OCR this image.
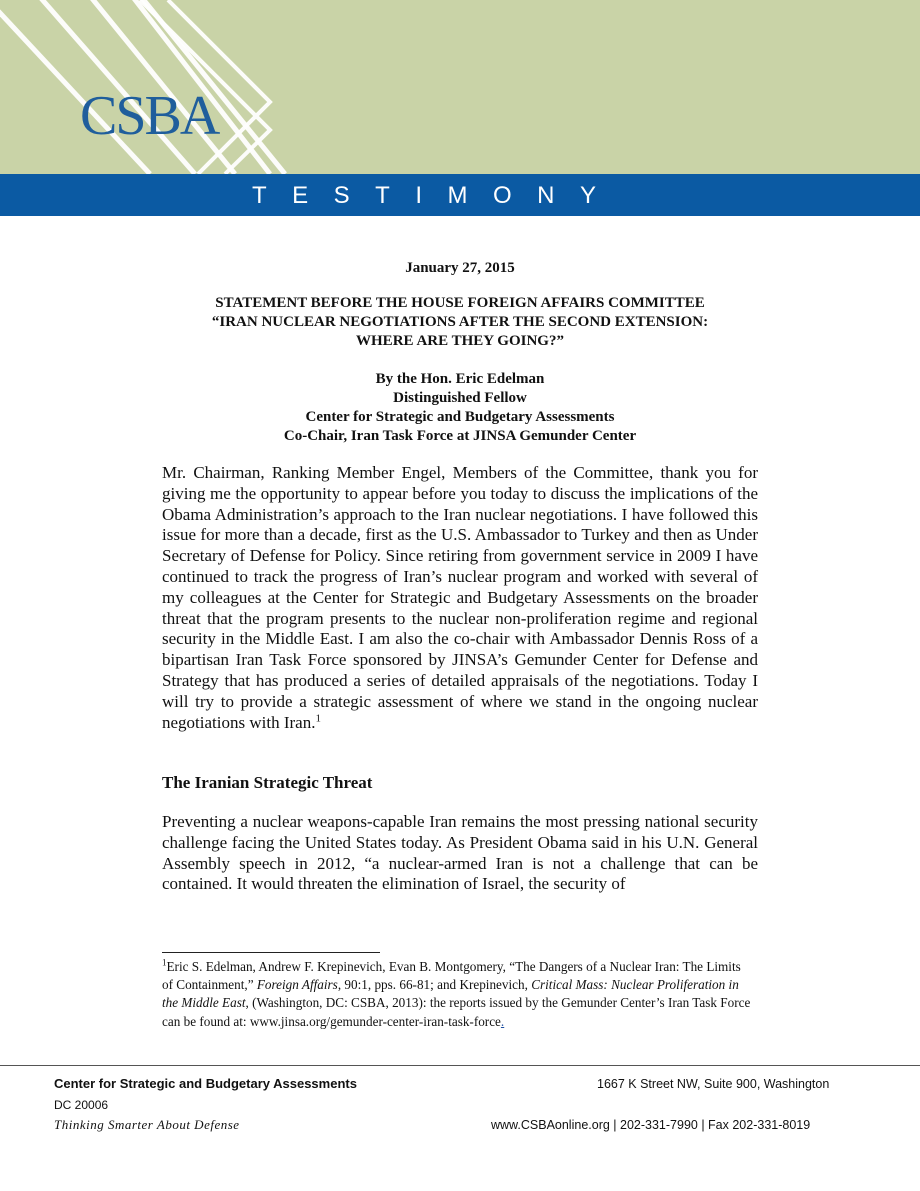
CSBA
TESTIMONY
January 27, 2015
STATEMENT BEFORE THE HOUSE FOREIGN AFFAIRS COMMITTEE
“IRAN NUCLEAR NEGOTIATIONS AFTER THE SECOND EXTENSION:
WHERE ARE THEY GOING?”
By the Hon. Eric Edelman
Distinguished Fellow
Center for Strategic and Budgetary Assessments
Co-Chair, Iran Task Force at JINSA Gemunder Center

Mr. Chairman, Ranking Member Engel, Members of the Committee, thank you for giving me the opportunity to appear before you today to discuss the implications of the Obama Administration’s approach to the Iran nuclear negotiations. I have followed this issue for more than a decade, first as the U.S. Ambassador to Turkey and then as Under Secretary of Defense for Policy. Since retiring from government service in 2009 I have continued to track the progress of Iran’s nuclear program and worked with several of my colleagues at the Center for Strategic and Budgetary Assessments on the broader threat that the program presents to the nuclear non-proliferation regime and regional security in the Middle East. I am also the co-chair with Ambassador Dennis Ross of a bipartisan Iran Task Force sponsored by JINSA’s Gemunder Center for Defense and Strategy that has produced a series of detailed appraisals of the negotiations. Today I will try to provide a strategic assessment of where we stand in the ongoing nuclear negotiations with Iran.$^1$

The Iranian Strategic Threat

Preventing a nuclear weapons-capable Iran remains the most pressing national security challenge facing the United States today. As President Obama said in his U.N. General Assembly speech in 2012, “a nuclear-armed Iran is not a challenge that can be contained. It would threaten the elimination of Israel, the security of

$^1$Eric S. Edelman, Andrew F. Krepinevich, Evan B. Montgomery, “The Dangers of a Nuclear Iran: The Limits of Containment,” Foreign Affairs, 90:1, pps. 66-81; and Krepinevich, Critical Mass: Nuclear Proliferation in the Middle East, (Washington, DC: CSBA, 2013): the reports issued by the Gemunder Center’s Iran Task Force can be found at: www.jinsa.org/gemunder-center-iran-task-force.
Center for Strategic and Budgetary Assessments	1667 K Street NW, Suite 900, Washington
DC 20006
Thinking Smarter About Defense	www.CSBAonline.org | 202-331-7990 | Fax 202-331-8019
